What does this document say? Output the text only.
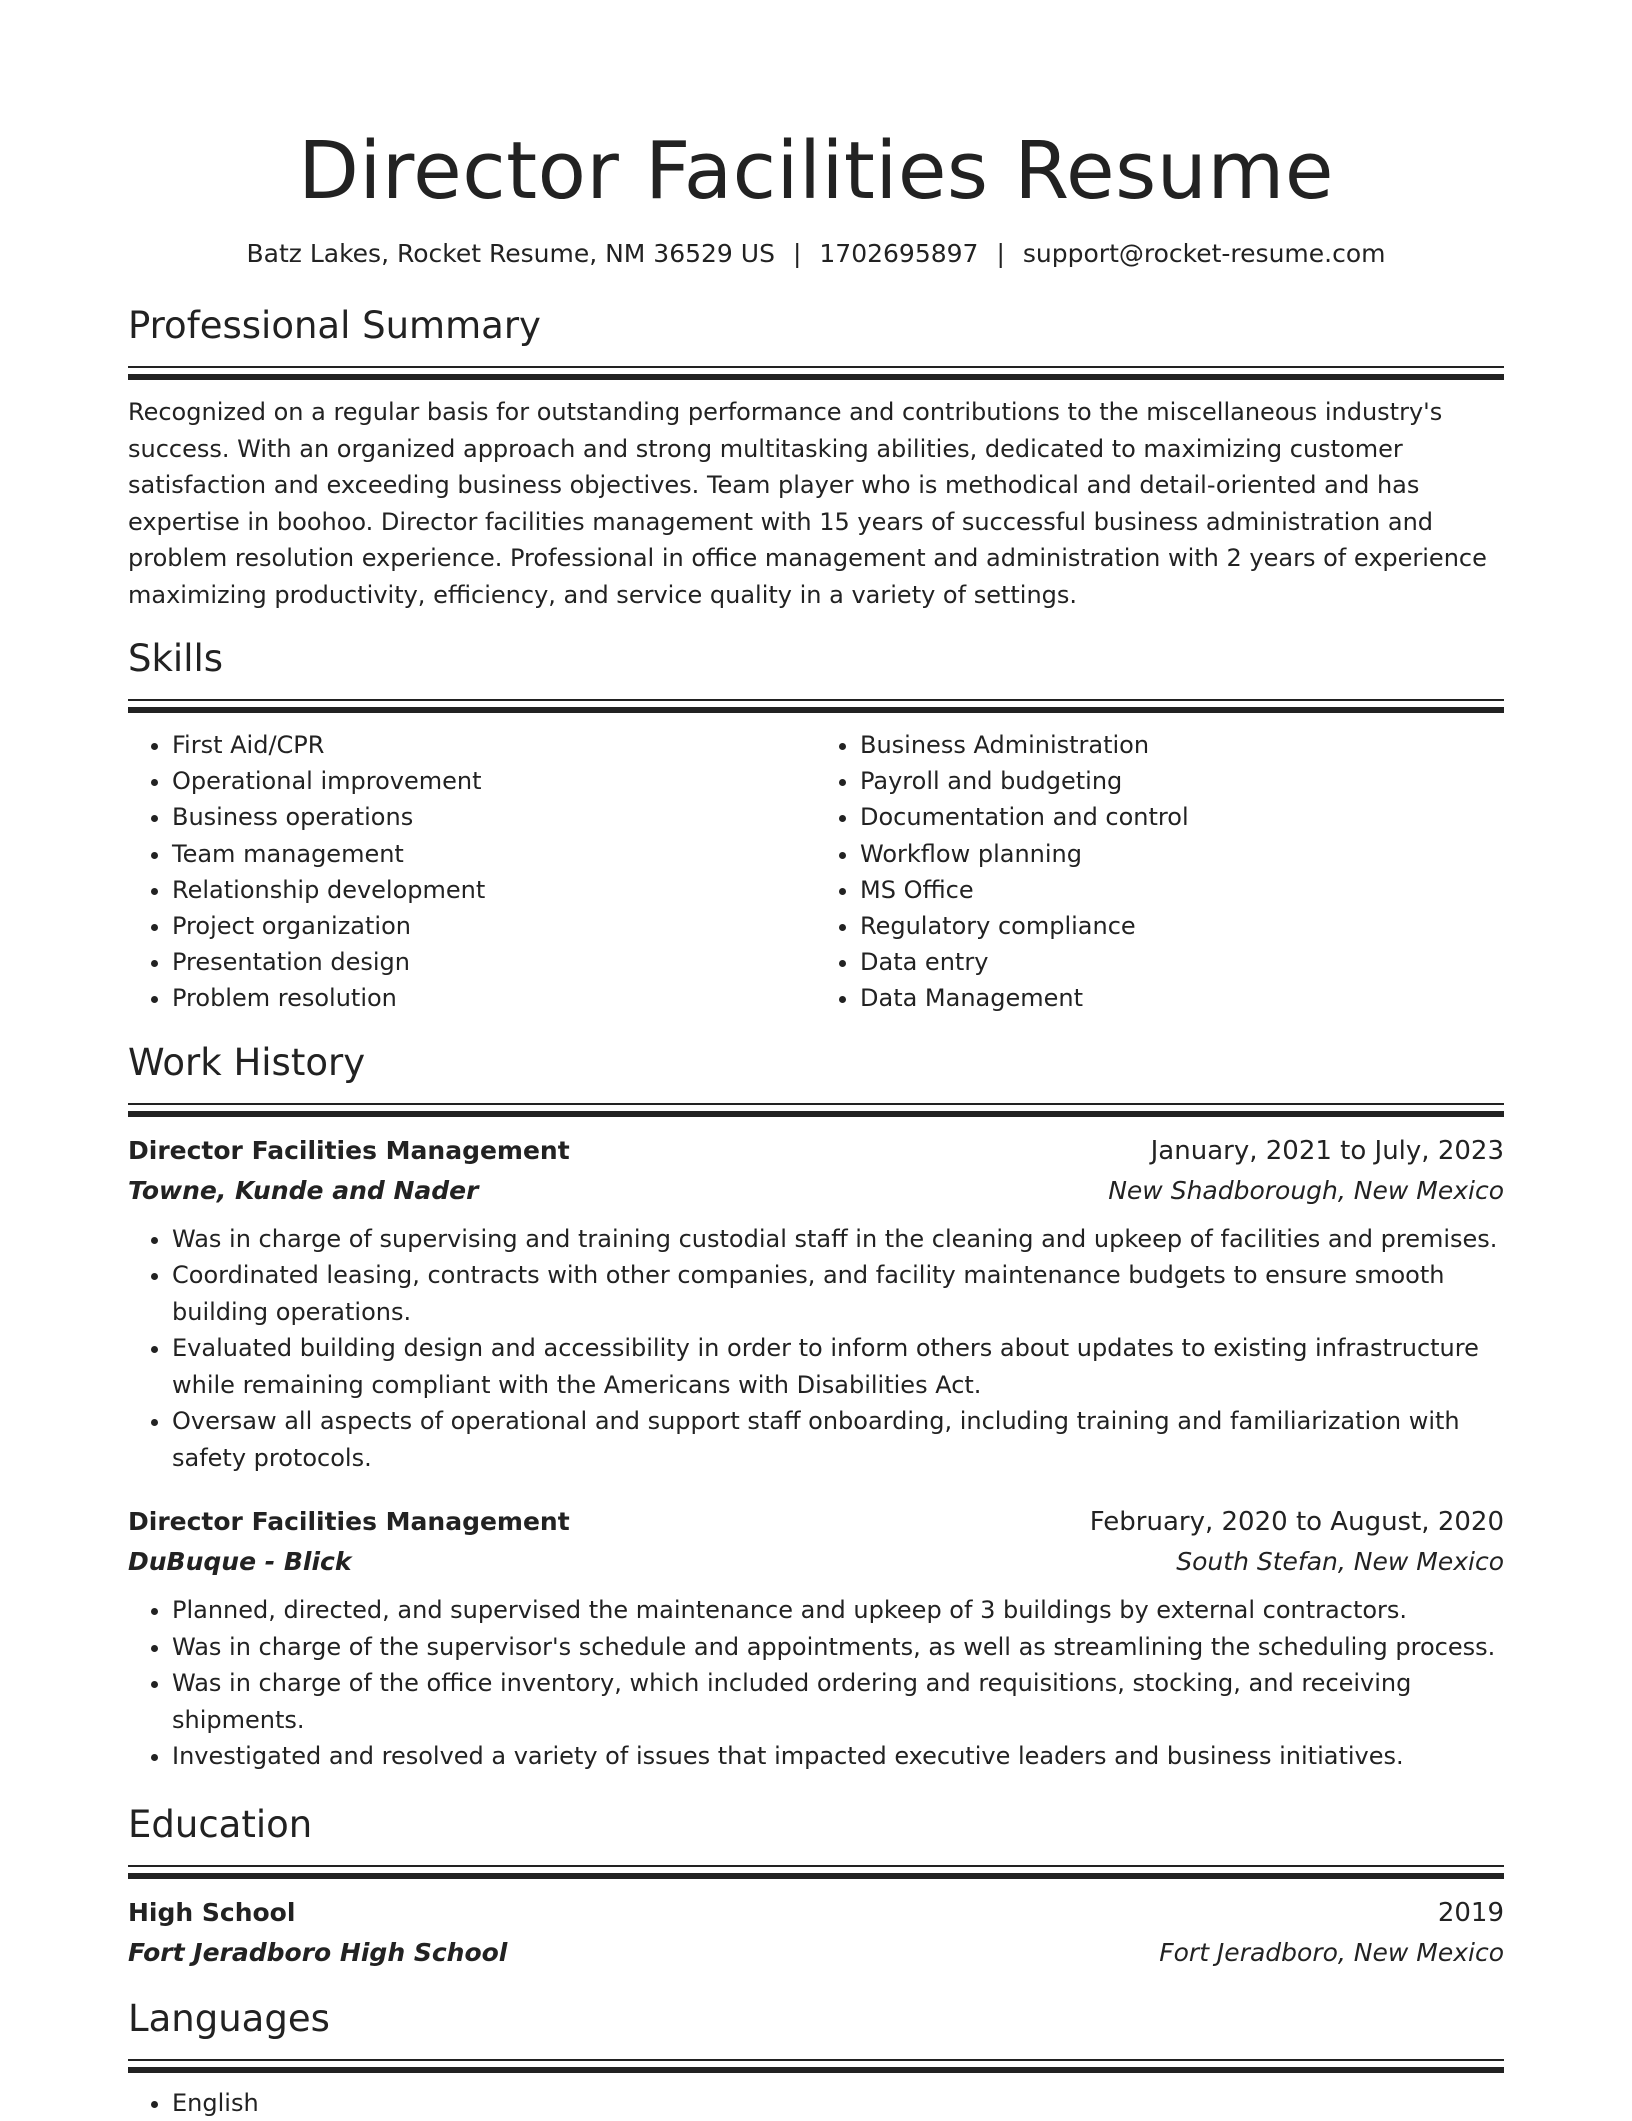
Director Facilities Resume
Batz Lakes, Rocket Resume, NM 36529 US | 1702695897 | support@rocket-resume.com
Professional Summary

Recognized on a regular basis for outstanding performance and contributions to the miscellaneous industry's success. With an organized approach and strong multitasking abilities, dedicated to maximizing customer satisfaction and exceeding business objectives. Team player who is methodical and detail-oriented and has expertise in boohoo. Director facilities management with 15 years of successful business administration and problem resolution experience. Professional in office management and administration with 2 years of experience maximizing productivity, efficiency, and service quality in a variety of settings.

Skills
• First Aid/CPR
• Operational improvement
• Business operations
• Team management
• Relationship development
• Project organization
• Presentation design
• Problem resolution
• Business Administration
• Payroll and budgeting
• Documentation and control
• Workflow planning
• MS Office
• Regulatory compliance
• Data entry
• Data Management
Work History
Director Facilities Management	January, 2021 to July, 2023
Towne, Kunde and Nader	New Shadborough, New Mexico
• Was in charge of supervising and training custodial staff in the cleaning and upkeep of facilities and premises.
• Coordinated leasing, contracts with other companies, and facility maintenance budgets to ensure smooth building operations.
• Evaluated building design and accessibility in order to inform others about updates to existing infrastructure while remaining compliant with the Americans with Disabilities Act.
• Oversaw all aspects of operational and support staff onboarding, including training and familiarization with safety protocols.
Director Facilities Management	February, 2020 to August, 2020
DuBuque - Blick	South Stefan, New Mexico
• Planned, directed, and supervised the maintenance and upkeep of 3 buildings by external contractors.
• Was in charge of the supervisor's schedule and appointments, as well as streamlining the scheduling process.
• Was in charge of the office inventory, which included ordering and requisitions, stocking, and receiving shipments.
• Investigated and resolved a variety of issues that impacted executive leaders and business initiatives.
Education
High School	2019
Fort Jeradboro High School	Fort Jeradboro, New Mexico
Languages
• English
